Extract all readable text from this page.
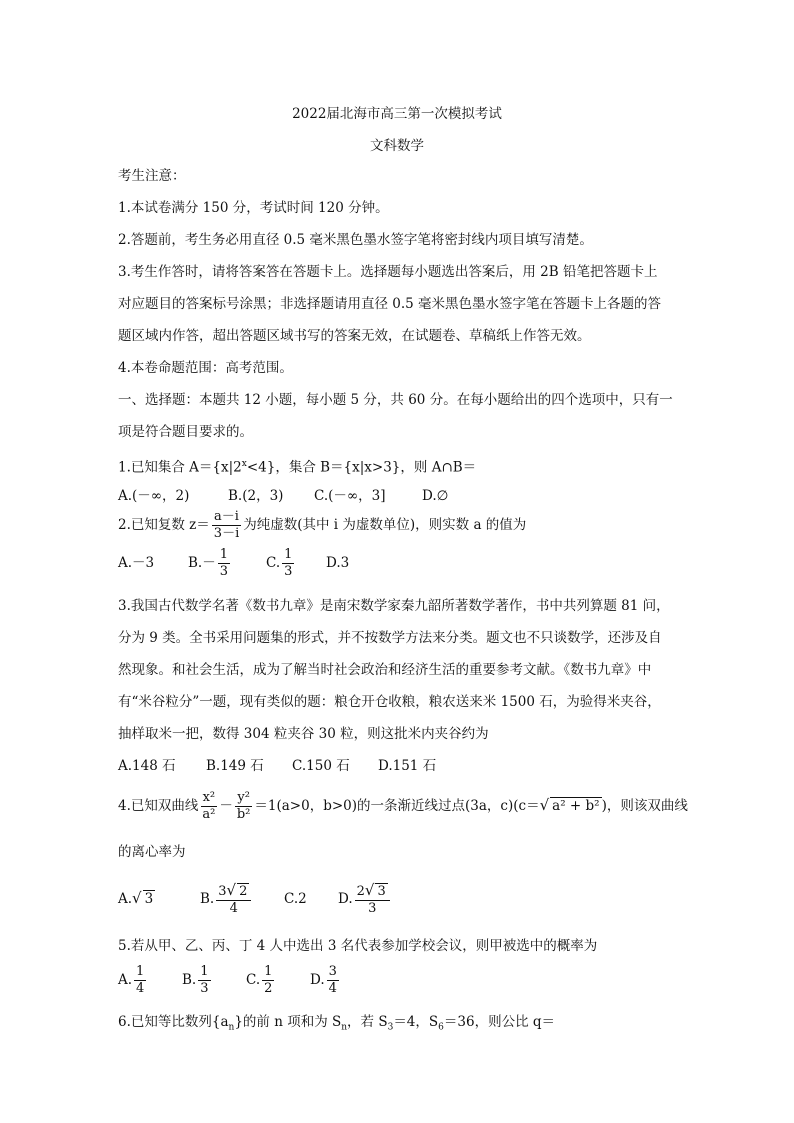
2022届北海市高三第一次模拟考试
文科数学
考生注意：
1.本试卷满分 150 分，考试时间 120 分钟。
2.答题前，考生务必用直径 0.5 毫米黑色墨水签字笔将密封线内项目填写清楚。
3.考生作答时，请将答案答在答题卡上。选择题每小题选出答案后，用 2B 铅笔把答题卡上
对应题目的答案标号涂黑；非选择题请用直径 0.5 毫米黑色墨水签字笔在答题卡上各题的答
题区域内作答，超出答题区域书写的答案无效，在试题卷、草稿纸上作答无效。
4.本卷命题范围：高考范围。
一、选择题：本题共 12 小题，每小题 5 分，共 60 分。在每小题给出的四个选项中，只有一
项是符合题目要求的。
1.已知集合 $A=\{x|2^x<4\}$，集合 B＝{x|x>3}，则 A∩B＝
A.(－∞，2)	B.(2，3) C.(－∞，3]	D.∅
2.已知复数 $z= \frac{a-i}{3-i}$ 为纯虚数(其中 i 为虚数单位)，则实数 a 的值为
A.－3	$B.- \frac{1}{3}$	C. $\frac{1}{3} D.3$
3.我国古代数学名著《数书九章》是南宋数学家秦九韶所著数学著作，书中共列算题 81 问，
分为 9 类。全书采用问题集的形式，并不按数学方法来分类。题文也不只谈数学，还涉及自
然现象。和社会生活，成为了解当时社会政治和经济生活的重要参考文献。《数书九章》中
有“米谷粒分”一题，现有类似的题：粮仓开仓收粮，粮农送来米 1500 石，为验得米夹谷，
抽样取米一把，数得 304 粒夹谷 30 粒，则这批米内夹谷约为
A.148 石 B.149 石 C.150 石 D.151 石
4.已知双曲线 $\frac{\text{x²}}{\text{a²}} - \frac{\text{y²}}{\text{b²}} =1(a>0$，b>0)的一条渐近线过点(3a，c)(c＝√ a² + b² )，则该双曲线
的离心率为
A.√ 3	B. $\frac{3√ 2}{4} C.2$ D. $\frac{2√ 3}{3}$
5.若从甲、乙、丙、丁 4 人中选出 3 名代表参加学校会议，则甲被选中的概率为
A. $\frac{1}{4}$	B. $\frac{1}{3}$	C. $\frac{1}{2}$	D. $\frac{3}{4}$
6.已知等比数列$\{a_n\}$的前 n 项和为 $S_n$，若 $S_3=4$，$S_6=36$，则公比 q＝
